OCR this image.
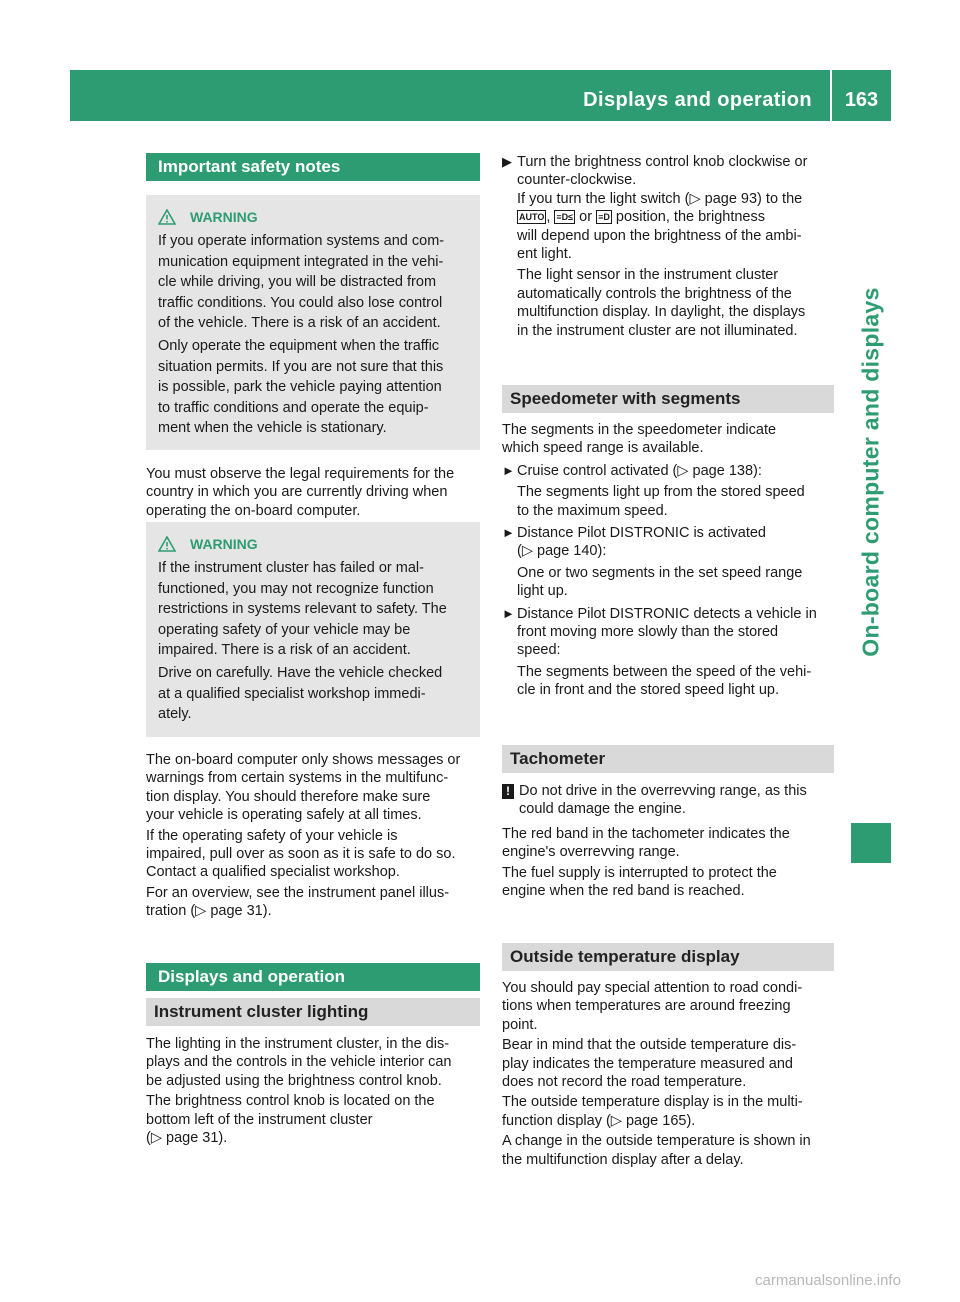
Displays and operation	163
On-board computer and displays
Important safety notes
WARNING

If you operate information systems and com-
munication equipment integrated in the vehi-
cle while driving, you will be distracted from
traffic conditions. You could also lose control
of the vehicle. There is a risk of an accident.

Only operate the equipment when the traffic
situation permits. If you are not sure that this
is possible, park the vehicle paying attention
to traffic conditions and operate the equip-
ment when the vehicle is stationary.

You must observe the legal requirements for the
country in which you are currently driving when
operating the on-board computer.

WARNING

If the instrument cluster has failed or mal-
functioned, you may not recognize function
restrictions in systems relevant to safety. The
operating safety of your vehicle may be
impaired. There is a risk of an accident.

Drive on carefully. Have the vehicle checked
at a qualified specialist workshop immedi-
ately.

The on-board computer only shows messages or
warnings from certain systems in the multifunc-
tion display. You should therefore make sure
your vehicle is operating safely at all times.

If the operating safety of your vehicle is
impaired, pull over as soon as it is safe to do so.
Contact a qualified specialist workshop.

For an overview, see the instrument panel illus-
tration (▷ page 31).

Displays and operation
Instrument cluster lighting

The lighting in the instrument cluster, in the dis-
plays and the controls in the vehicle interior can
be adjusted using the brightness control knob.

The brightness control knob is located on the
bottom left of the instrument cluster
(▷ page 31).

▶ Turn the brightness control knob clockwise or
counter-clockwise.
If you turn the light switch (▷ page 93) to the
AUTO , ≡D≤ or ≡D position, the brightness
will depend upon the brightness of the ambi-
ent light.
The light sensor in the instrument cluster
automatically controls the brightness of the
multifunction display. In daylight, the displays
in the instrument cluster are not illuminated.
Speedometer with segments

The segments in the speedometer indicate
which speed range is available.

► Cruise control activated (▷ page 138):
The segments light up from the stored speed
to the maximum speed.
► Distance Pilot DISTRONIC is activated
(▷ page 140):
One or two segments in the set speed range
light up.
► Distance Pilot DISTRONIC detects a vehicle in
front moving more slowly than the stored
speed:
The segments between the speed of the vehi-
cle in front and the stored speed light up.
Tachometer
! Do not drive in the overrevving range, as this
could damage the engine.

The red band in the tachometer indicates the
engine's overrevving range.

The fuel supply is interrupted to protect the
engine when the red band is reached.

Outside temperature display

You should pay special attention to road condi-
tions when temperatures are around freezing
point.

Bear in mind that the outside temperature dis-
play indicates the temperature measured and
does not record the road temperature.

The outside temperature display is in the multi-
function display (▷ page 165).

A change in the outside temperature is shown in
the multifunction display after a delay.

carmanualsonline.info
